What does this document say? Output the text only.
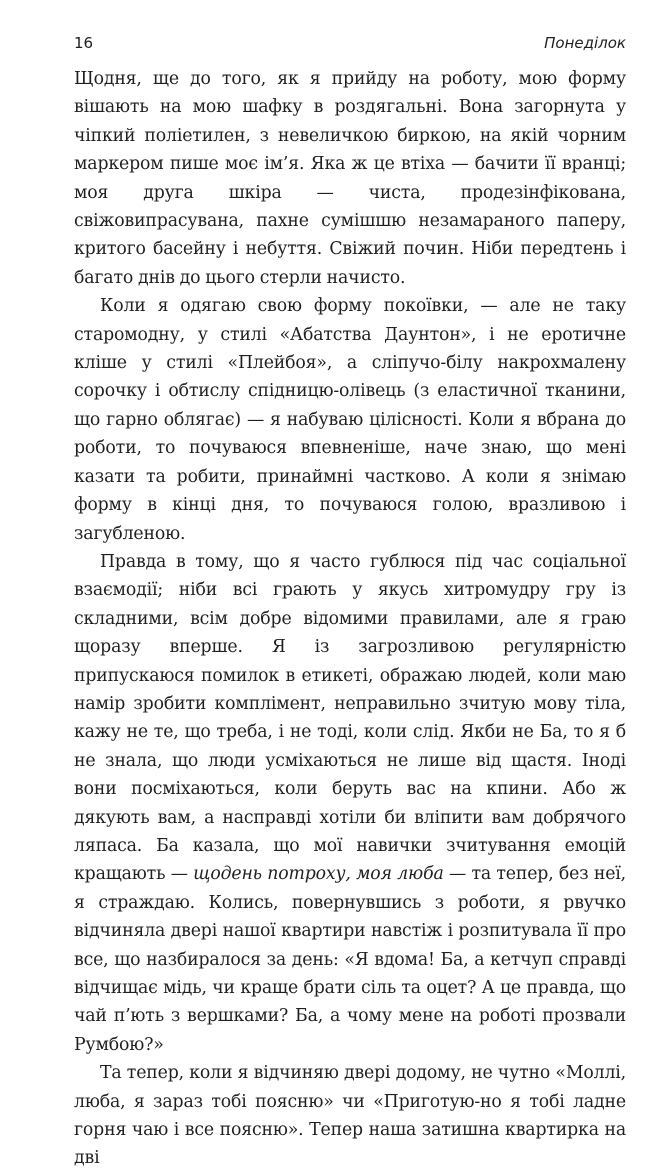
16	Понеділок

Щодня, ще до того, як я прийду на роботу, мою форму вішають на мою шафку в роздягальні. Вона загорнута у чіпкий поліетилен, з невеличкою биркою, на якій чорним маркером пише моє ім’я. Яка ж це втіха — бачити її вранці; моя друга шкіра — чиста, продезінфікована, свіжовипрасувана, пахне сумішшю незамараного паперу, критого басейну і небуття. Свіжий почин. Ніби передтень і багато днів до цього стерли начисто.

Коли я одягаю свою форму покоївки, — але не таку старомодну, у стилі «Абатства Даунтон», і не еротичне кліше у стилі «Плейбоя», а сліпучо-білу накрохмалену сорочку і обтислу спідницю-олівець (з еластичної тканини, що гарно облягає) — я набуваю цілісності. Коли я вбрана до роботи, то почуваюся впевненіше, наче знаю, що мені казати та робити, принаймні частково. А коли я знімаю форму в кінці дня, то почуваюся голою, вразливою і загубленою.

Правда в тому, що я часто гублюся під час соціальної взаємодії; ніби всі грають у якусь хитромудру гру із складними, всім добре відомими правилами, але я граю щоразу вперше. Я із загрозливою регулярністю припускаюся помилок в етикеті, ображаю людей, коли маю намір зробити комплімент, неправильно зчитую мову тіла, кажу не те, що треба, і не тоді, коли слід. Якби не Ба, то я б не знала, що люди усміхаються не лише від щастя. Іноді вони посміхаються, коли беруть вас на кпини. Або ж дякують вам, а насправді хотіли би вліпити вам добрячого ляпаса. Ба казала, що мої навички зчитування емоцій кращають — щодень потроху, моя люба — та тепер, без неї, я страждаю. Колись, повернувшись з роботи, я рвучко відчиняла двері нашої квартири навстіж і розпитувала її про все, що назбиралося за день: «Я вдома! Ба, а кетчуп справді відчищає мідь, чи краще брати сіль та оцет? А це правда, що чай п’ють з вершками? Ба, а чому мене на роботі прозвали Румбою?»

Та тепер, коли я відчиняю двері додому, не чутно «Моллі, люба, я зараз тобі поясню» чи «Приготую-но я тобі ладне горня чаю і все поясню». Тепер наша затишна квартирка на дві
